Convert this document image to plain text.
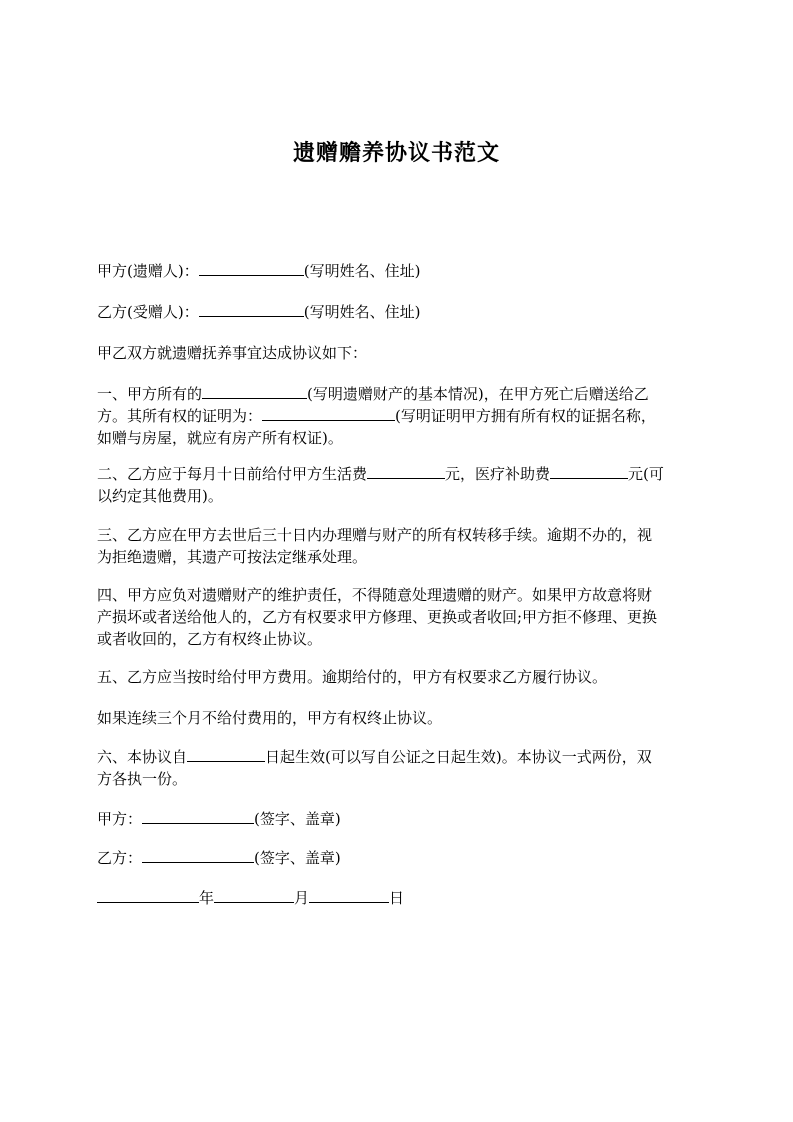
遗赠赡养协议书范文

甲方(遗赠人)：	(写明姓名、住址)

乙方(受赠人)：	(写明姓名、住址)

甲乙双方就遗赠抚养事宜达成协议如下：

一、甲方所有的	(写明遗赠财产的基本情况)，在甲方死亡后赠送给乙
方。其所有权的证明为：	(写明证明甲方拥有所有权的证据名称，
如赠与房屋，就应有房产所有权证)。

二、乙方应于每月十日前给付甲方生活费	元，医疗补助费	元(可
以约定其他费用)。

三、乙方应在甲方去世后三十日内办理赠与财产的所有权转移手续。逾期不办的，视
为拒绝遗赠，其遗产可按法定继承处理。

四、甲方应负对遗赠财产的维护责任，不得随意处理遗赠的财产。如果甲方故意将财
产损坏或者送给他人的，乙方有权要求甲方修理、更换或者收回;甲方拒不修理、更换
或者收回的，乙方有权终止协议。

五、乙方应当按时给付甲方费用。逾期给付的，甲方有权要求乙方履行协议。

如果连续三个月不给付费用的，甲方有权终止协议。

六、本协议自	日起生效(可以写自公证之日起生效)。本协议一式两份，双
方各执一份。

甲方：	(签字、盖章)

乙方：	(签字、盖章)

年	月	日
